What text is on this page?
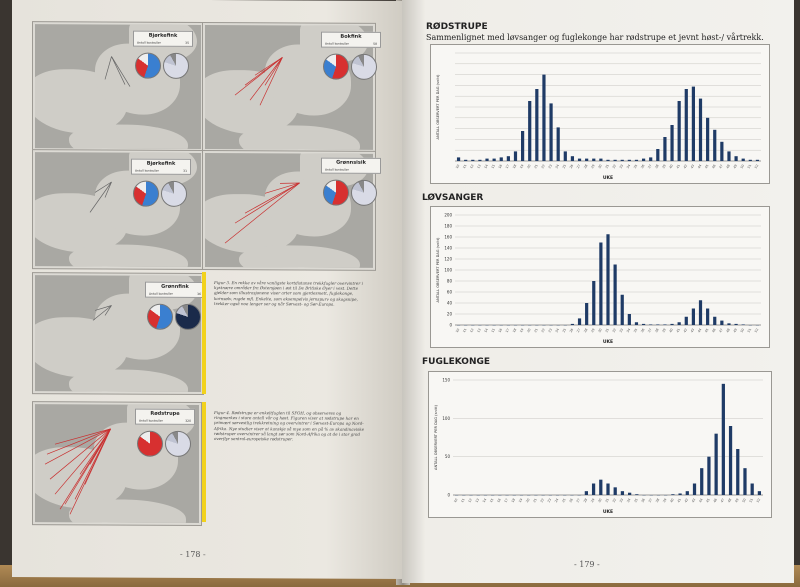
Bjørkefink
Antall kontroller	35
Bokfink
Antall kontroller	58
Bjørkefink
Antall kontroller	31
Grønnsisik
Antall kontroller
Grønnfink
Antall kontroller	36
Rødstrupe
Antall kontroller	320
Figur 3. En rekke av våre vanligste kortdistanse trekkfugler overvintrer i kystnære områder fra Østersjøen i øst til De Britiske Øyer i vest. Dette gjelder som illustrasjonene viser arter som gjerdesmett, fuglekonge, kornsølv, rugde mfl. Enkelte, som eksempelvis jernspurv og skogsnipe, trekker også noe lenger ser og når Sørvest- og Sør-Europa.
Figur 4. Rødstrupe er enkeltfuglen til SFOH, og observeres og ringmerkes i store antall vår og høst. Figuren viser at rødstrupe har en primært sørvestlig trekkretning og overvintrer i Sørvest-Europa og Nord-Afrika. Nye studier viser at kanskje så mye som en på % av skandinaviske rødstruper overvintrer så langt sør som Nord-Afrika og at de i stor grad overflyr sentral-europeiske rødstruper.
- 178 -
RØDSTRUPE
Sammenlignet med løvsanger og fuglekonge har rødstrupe et jevnt høst-/ vårtrekk.
10 11 12 13 14 15 16 17 18 19 20 21 22 23 24 25 26 27 28 29 30 31 32 33 34 35 36 37 38 39 40 41 42 43 44 45 46 47 48 49 50 51 52
UKE
ANTALL OBSERVERT PER DAG (snitt)
LØVSANGER
0
20
40
60
80
100
120
140
160
180
200
10 11 12 13 14 15 16 17 18 19 20 21 22 23 24 25 26 27 28 29 30 31 32 33 34 35 36 37 38 39 40 41 42 43 44 45 46 47 48 49 50 51 52
UKE
ANTALL OBSERVERT PER DAG (snitt)
FUGLEKONGE
0
50
100
150
10 11 12 13 14 15 16 17 18 19 20 21 22 23 24 25 26 27 28 29 30 31 32 33 34 35 36 37 38 39 40 41 42 43 44 45 46 47 48 49 50 51 52
UKE
ANTALL OBSERVERT PER DAG (snitt)
- 179 -
